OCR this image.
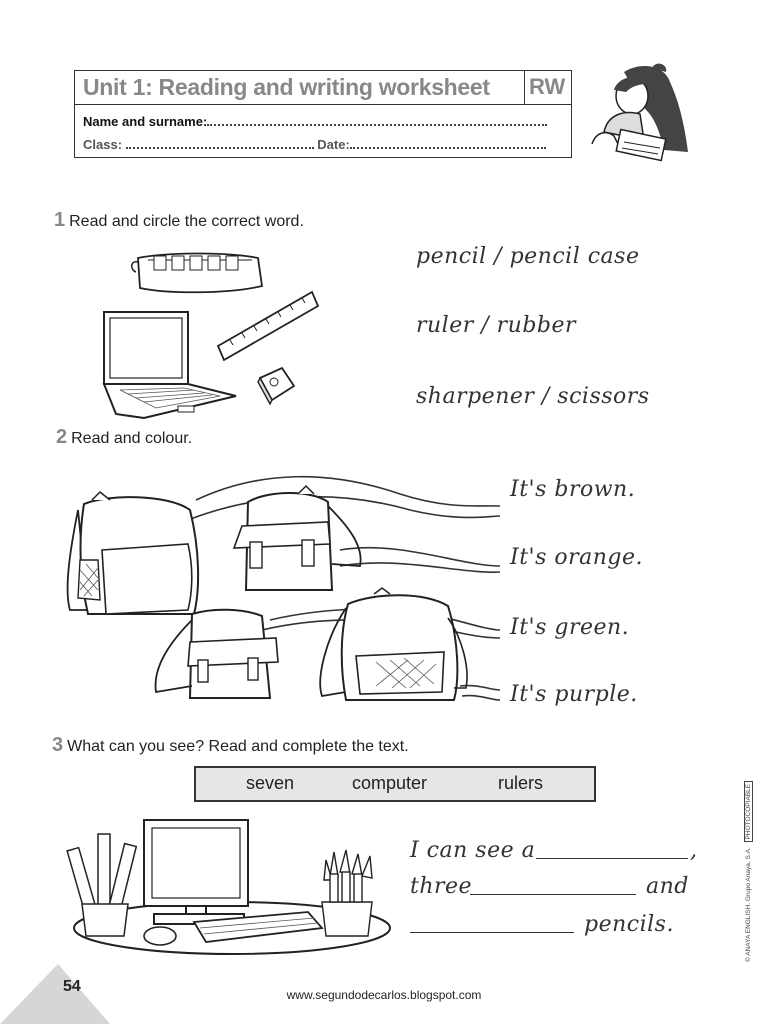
Unit 1: Reading and writing worksheet RW
Name and surname:
Class:	Date:
1 Read and circle the correct word.
pencil / pencil case
ruler / rubber
sharpener / scissors
2 Read and colour.
It's brown.
It's orange.
It's green.
It's purple.
3 What can you see? Read and complete the text.
seven	computer	rulers
I can see a	,
three	and
pencils.	© ANAYA ENGLISH. Grupo Anaya, S.A. PHOTOCOPIABLE
54	www.segundodecarlos.blogspot.com
